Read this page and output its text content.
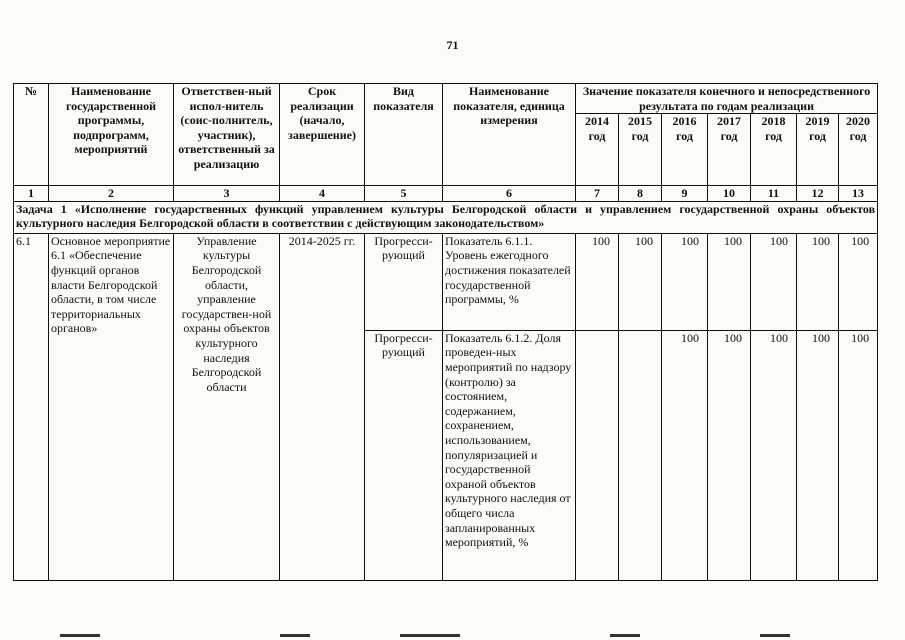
71
№	Наименование государственной программы, подпрограмм, мероприятий	Ответствен-ный испол-нитель (соис-полнитель, участник), ответственный за реализацию	Срок реализации (начало, завершение)	Вид показателя	Наименование показателя, единица измерения	Значение показателя конечного и непосредственного результата по годам реализации						
						2014 год	2015 год	2016 год	2017 год	2018 год	2019 год	2020 год
1	2	3	4	5	6	7	8	9	10	11	12	13
Задача 1 «Исполнение государственных функций управлением культуры Белгородской области и управлением государственной охраны объектов культурного наследия Белгородской области в соответствии с действующим законодательством»												
6.1	Основное мероприятие 6.1 «Обеспечение функций органов власти Белгородской области, в том числе территориальных органов»	Управление культуры Белгородской области, управление государствен-ной охраны объектов культурного наследия Белгородской области	2014-2025 гг.	Прогресси-рующий	Показатель 6.1.1. Уровень ежегодного достижения показателей государственной программы, %	100	100	100	100	100	100	100
				Прогресси-рующий	Показатель 6.1.2. Доля проведен-ных мероприятий по надзору (контролю) за состоянием, содержанием, сохранением, использованием, популяризацией и государственной охраной объектов культурного наследия от общего числа запланированных мероприятий, %			100	100	100	100	100
